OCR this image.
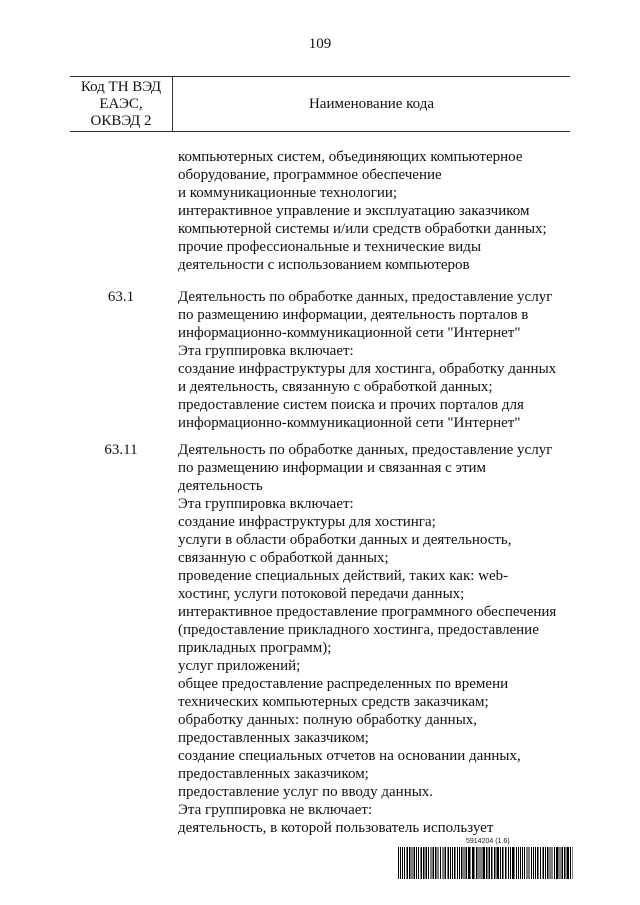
109
Код ТН ВЭД
ЕАЭС,
ОКВЭД 2
Наименование кода
компьютерных систем, объединяющих компьютерное
оборудование, программное обеспечение
и коммуникационные технологии;
интерактивное управление и эксплуатацию заказчиком
компьютерной системы и/или средств обработки данных;
прочие профессиональные и технические виды
деятельности с использованием компьютеров
63.1	Деятельность по обработке данных, предоставление услуг
по размещению информации, деятельность порталов в
информационно-коммуникационной сети "Интернет"
Эта группировка включает:
создание инфраструктуры для хостинга, обработку данных
и деятельность, связанную с обработкой данных;
предоставление систем поиска и прочих порталов для
информационно-коммуникационной сети "Интернет"
63.11	Деятельность по обработке данных, предоставление услуг
по размещению информации и связанная с этим
деятельность
Эта группировка включает:
создание инфраструктуры для хостинга;
услуги в области обработки данных и деятельность,
связанную с обработкой данных;
проведение специальных действий, таких как: web-
хостинг, услуги потоковой передачи данных;
интерактивное предоставление программного обеспечения
(предоставление прикладного хостинга, предоставление
прикладных программ);
услуг приложений;
общее предоставление распределенных по времени
технических компьютерных средств заказчикам;
обработку данных: полную обработку данных,
предоставленных заказчиком;
создание специальных отчетов на основании данных,
предоставленных заказчиком;
предоставление услуг по вводу данных.
Эта группировка не включает:
деятельность, в которой пользователь использует
5914204 (1.6)
